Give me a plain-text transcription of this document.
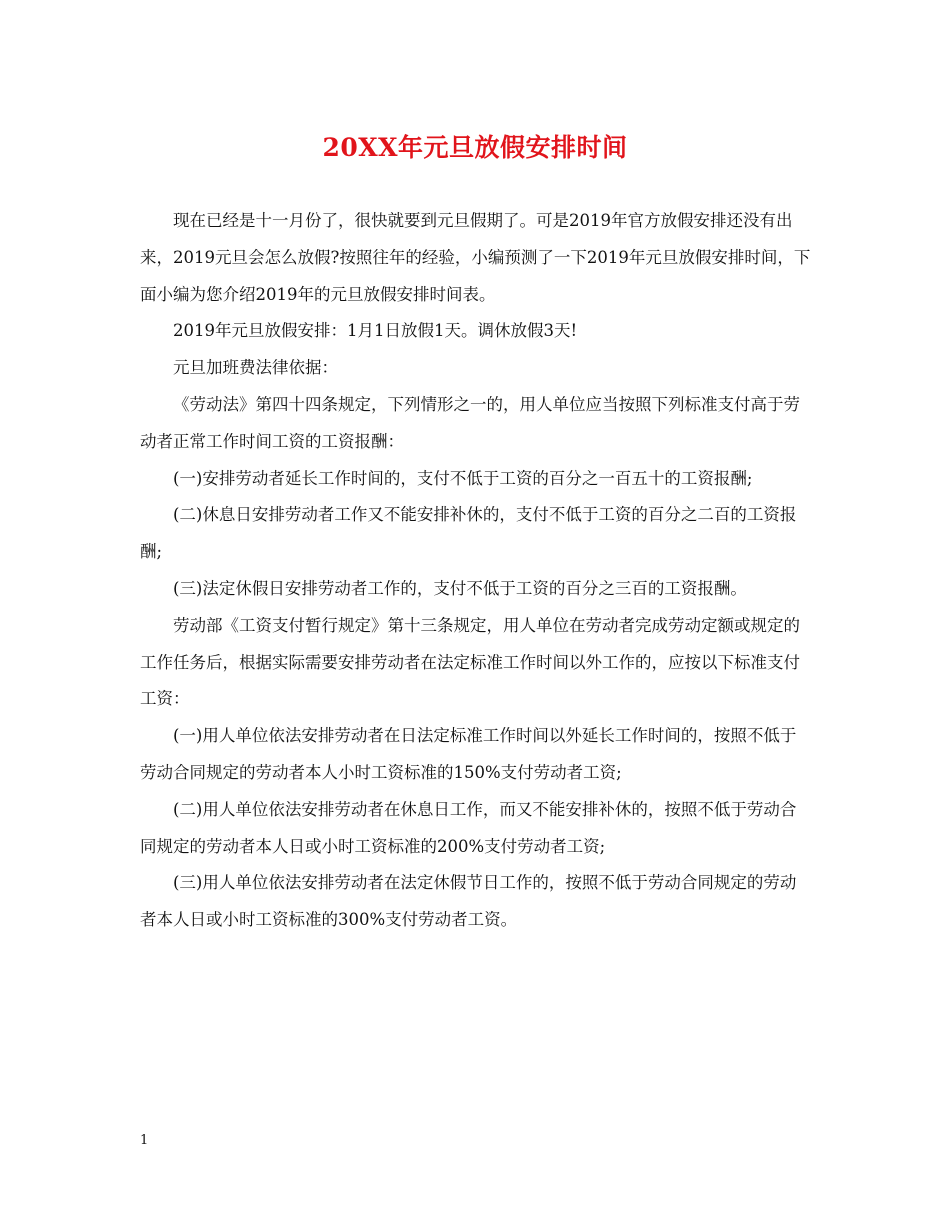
20XX年元旦放假安排时间

现在已经是十一月份了，很快就要到元旦假期了。可是2019年官方放假安排还没有出来，2019元旦会怎么放假?按照往年的经验，小编预测了一下2019年元旦放假安排时间，下面小编为您介绍2019年的元旦放假安排时间表。

2019年元旦放假安排：1月1日放假1天。调休放假3天!

元旦加班费法律依据：

《劳动法》第四十四条规定，下列情形之一的，用人单位应当按照下列标准支付高于劳动者正常工作时间工资的工资报酬：

(一)安排劳动者延长工作时间的，支付不低于工资的百分之一百五十的工资报酬;

(二)休息日安排劳动者工作又不能安排补休的，支付不低于工资的百分之二百的工资报酬;

(三)法定休假日安排劳动者工作的，支付不低于工资的百分之三百的工资报酬。

劳动部《工资支付暂行规定》第十三条规定，用人单位在劳动者完成劳动定额或规定的工作任务后，根据实际需要安排劳动者在法定标准工作时间以外工作的，应按以下标准支付工资：

(一)用人单位依法安排劳动者在日法定标准工作时间以外延长工作时间的，按照不低于劳动合同规定的劳动者本人小时工资标准的150%支付劳动者工资;

(二)用人单位依法安排劳动者在休息日工作，而又不能安排补休的，按照不低于劳动合同规定的劳动者本人日或小时工资标准的200%支付劳动者工资;

(三)用人单位依法安排劳动者在法定休假节日工作的，按照不低于劳动合同规定的劳动者本人日或小时工资标准的300%支付劳动者工资。

1
